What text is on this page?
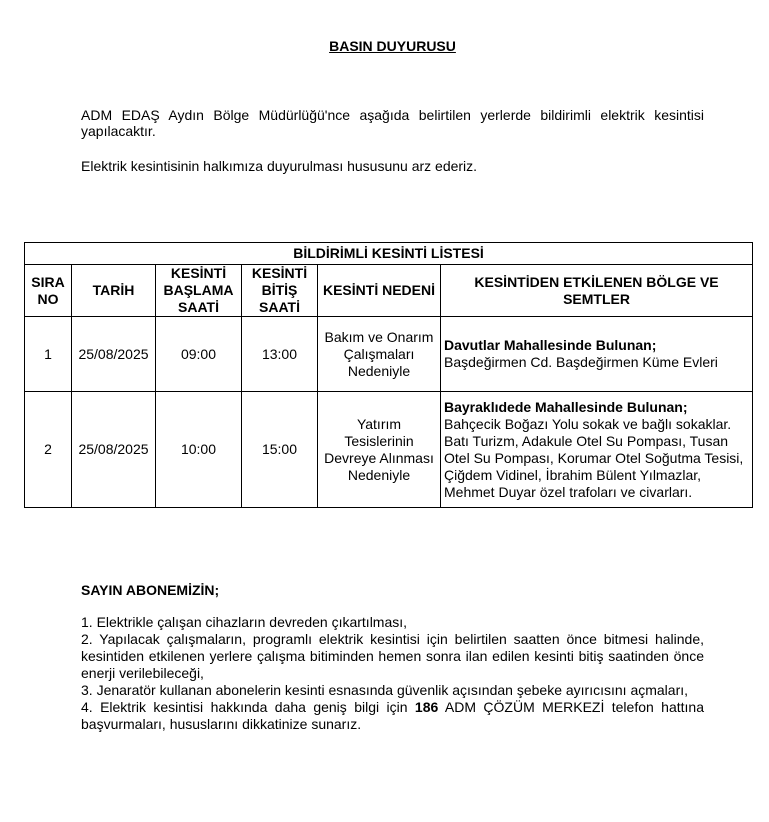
BASIN DUYURUSU

ADM EDAŞ Aydın Bölge Müdürlüğü'nce aşağıda belirtilen yerlerde bildirimli elektrik kesintisi yapılacaktır.

Elektrik kesintisinin halkımıza duyurulması hususunu arz ederiz.

BİLDİRİMLİ KESİNTİ LİSTESİ					
SIRA NO	TARİH	KESİNTİ BAŞLAMA SAATİ	KESİNTİ BİTİŞ SAATİ	KESİNTİ NEDENİ	KESİNTİDEN ETKİLENEN BÖLGE VE SEMTLER
1	25/08/2025	09:00	13:00	Bakım ve Onarım Çalışmaları Nedeniyle	Davutlar Mahallesinde Bulunan;
Başdeğirmen Cd. Başdeğirmen Küme Evleri
2	25/08/2025	10:00	15:00	Yatırım Tesislerinin Devreye Alınması Nedeniyle	Bayraklıdede Mahallesinde Bulunan;
Bahçecik Boğazı Yolu sokak ve bağlı sokaklar. Batı Turizm, Adakule Otel Su Pompası, Tusan Otel Su Pompası, Korumar Otel Soğutma Tesisi, Çiğdem Vidinel, İbrahim Bülent Yılmazlar, Mehmet Duyar özel trafoları ve civarları.

SAYIN ABONEMİZİN;

1. Elektrikle çalışan cihazların devreden çıkartılması,

2. Yapılacak çalışmaların, programlı elektrik kesintisi için belirtilen saatten önce bitmesi halinde, kesintiden etkilenen yerlere çalışma bitiminden hemen sonra ilan edilen kesinti bitiş saatinden önce enerji verilebileceği,

3. Jenaratör kullanan abonelerin kesinti esnasında güvenlik açısından şebeke ayırıcısını açmaları,

4. Elektrik kesintisi hakkında daha geniş bilgi için 186 ADM ÇÖZÜM MERKEZİ telefon hattına başvurmaları, hususlarını dikkatinize sunarız.
